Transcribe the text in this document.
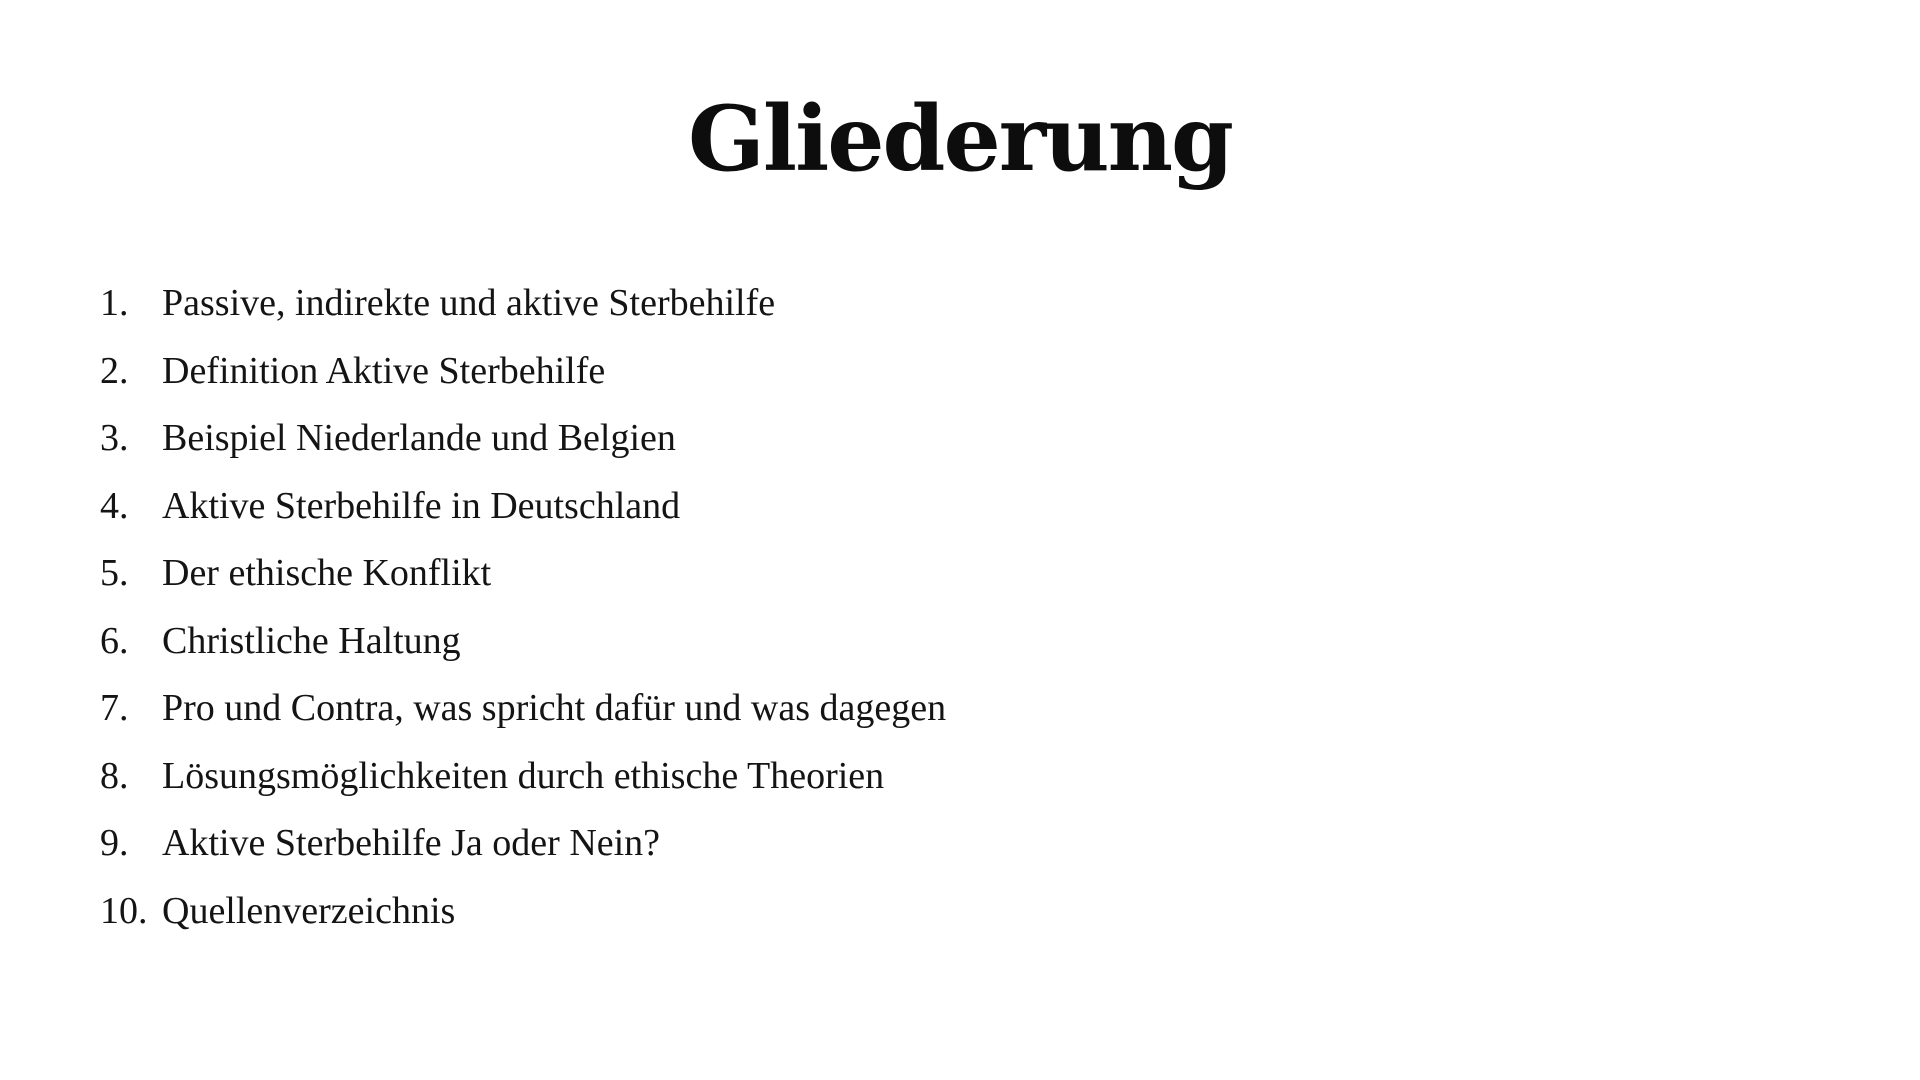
Gliederung
1. Passive, indirekte und aktive Sterbehilfe
2. Definition Aktive Sterbehilfe
3. Beispiel Niederlande und Belgien
4. Aktive Sterbehilfe in Deutschland
5. Der ethische Konflikt
6. Christliche Haltung
7. Pro und Contra, was spricht dafür und was dagegen
8. Lösungsmöglichkeiten durch ethische Theorien
9. Aktive Sterbehilfe Ja oder Nein?
10. Quellenverzeichnis
